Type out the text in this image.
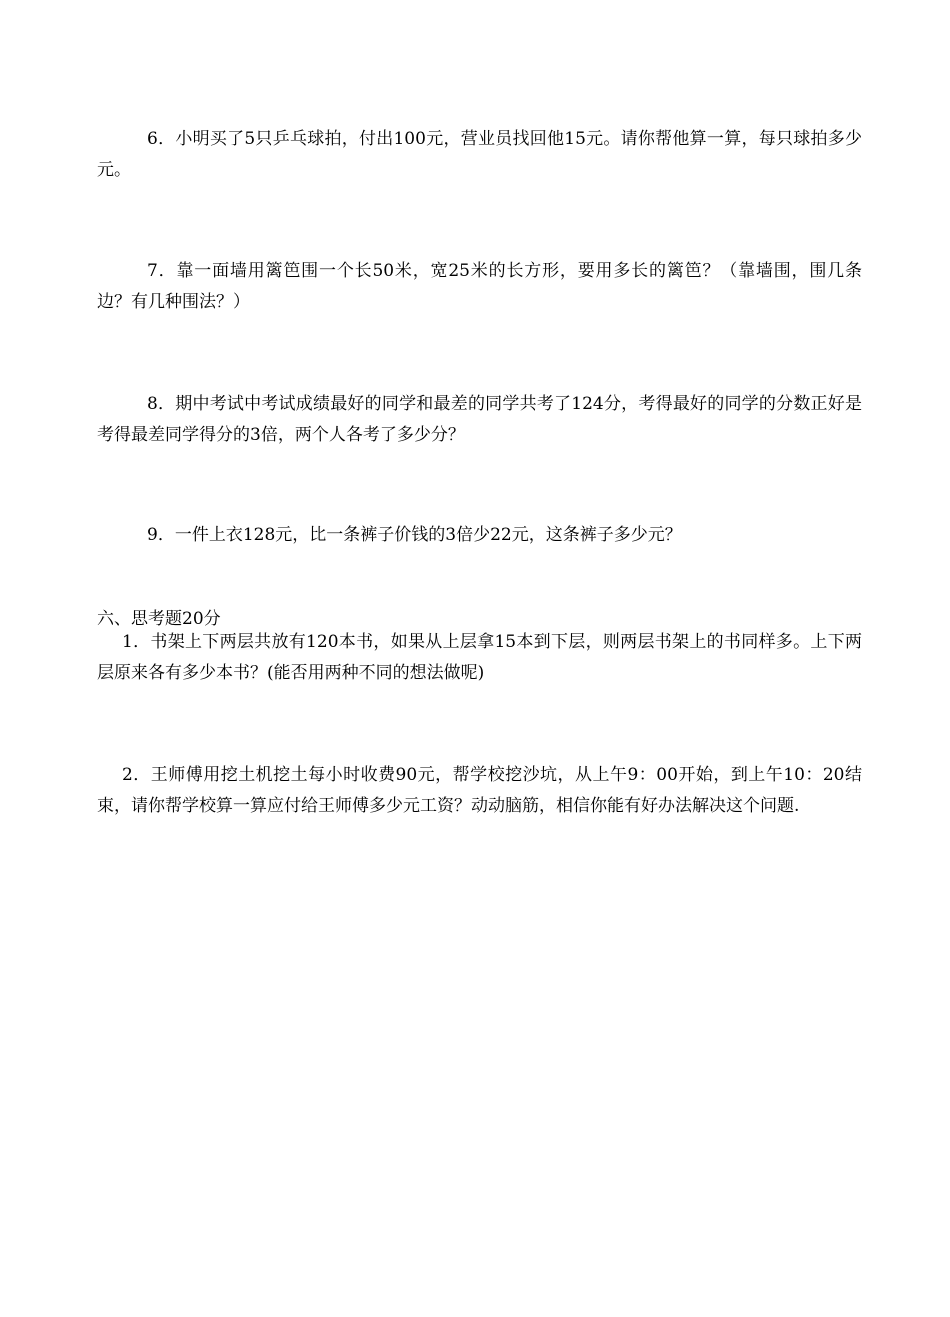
6．小明买了5只乒乓球拍，付出100元，营业员找回他15元。请你帮他算一算，每只球拍多少元。

7．靠一面墙用篱笆围一个长50米，宽25米的长方形，要用多长的篱笆？（靠墙围，围几条边？有几种围法？）

8．期中考试中考试成绩最好的同学和最差的同学共考了124分，考得最好的同学的分数正好是考得最差同学得分的3倍，两个人各考了多少分？

9．一件上衣128元，比一条裤子价钱的3倍少22元，这条裤子多少元？

六、思考题20分

1．书架上下两层共放有120本书，如果从上层拿15本到下层，则两层书架上的书同样多。上下两层原来各有多少本书？(能否用两种不同的想法做呢)

2．王师傅用挖土机挖土每小时收费90元，帮学校挖沙坑，从上午9：00开始，到上午10：20结束，请你帮学校算一算应付给王师傅多少元工资？动动脑筋，相信你能有好办法解决这个问题.
